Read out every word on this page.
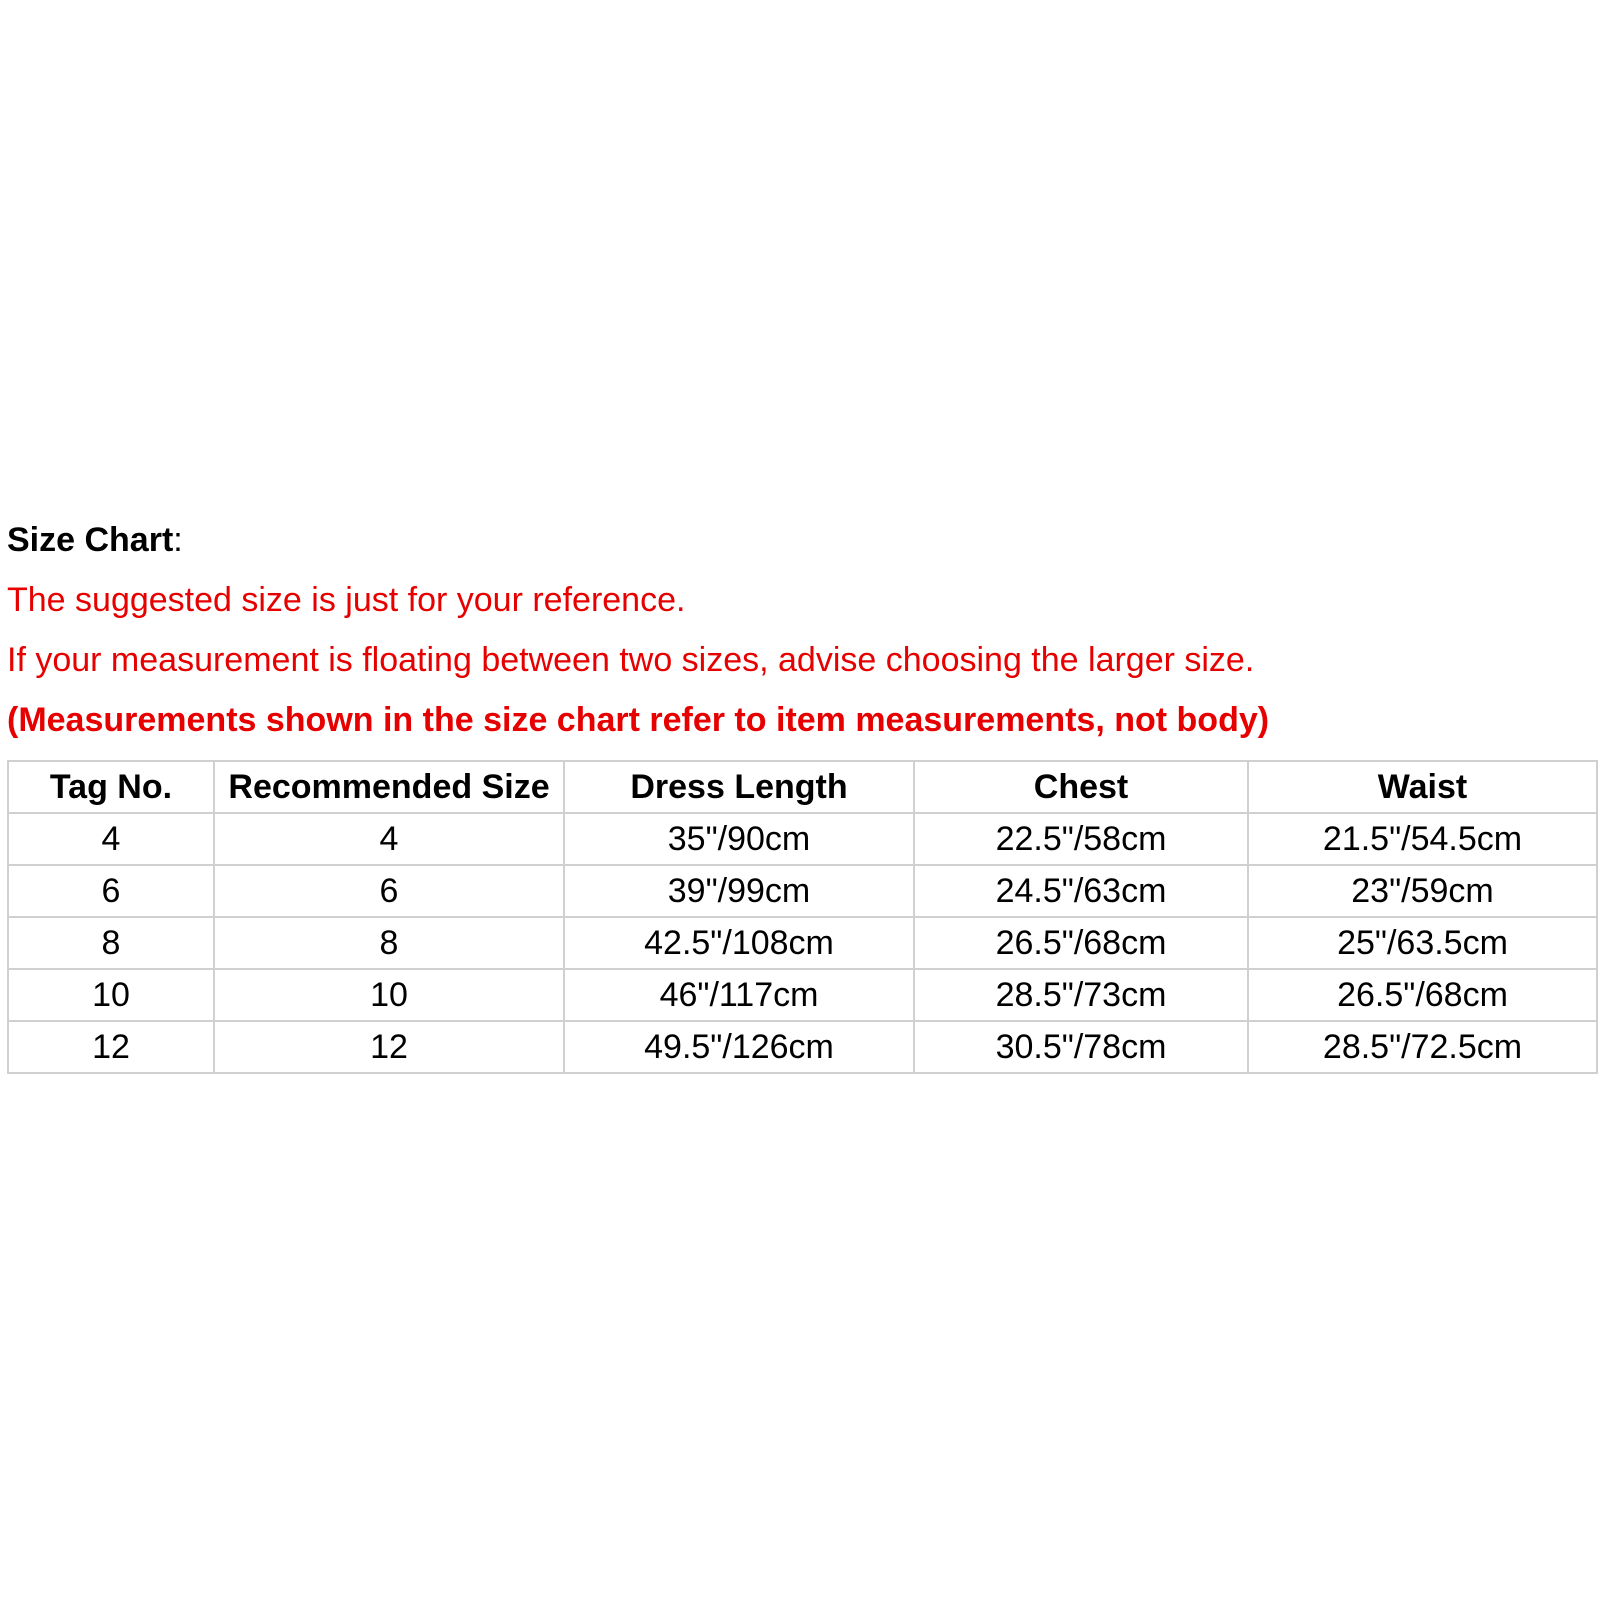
Size Chart:
The suggested size is just for your reference.
If your measurement is floating between two sizes, advise choosing the larger size.
(Measurements shown in the size chart refer to item measurements, not body)
Tag No.	Recommended Size	Dress Length	Chest	Waist
4	4	35"/90cm	22.5"/58cm	21.5"/54.5cm
6	6	39"/99cm	24.5"/63cm	23"/59cm
8	8	42.5"/108cm	26.5"/68cm	25"/63.5cm
10	10	46"/117cm	28.5"/73cm	26.5"/68cm
12	12	49.5"/126cm	30.5"/78cm	28.5"/72.5cm
